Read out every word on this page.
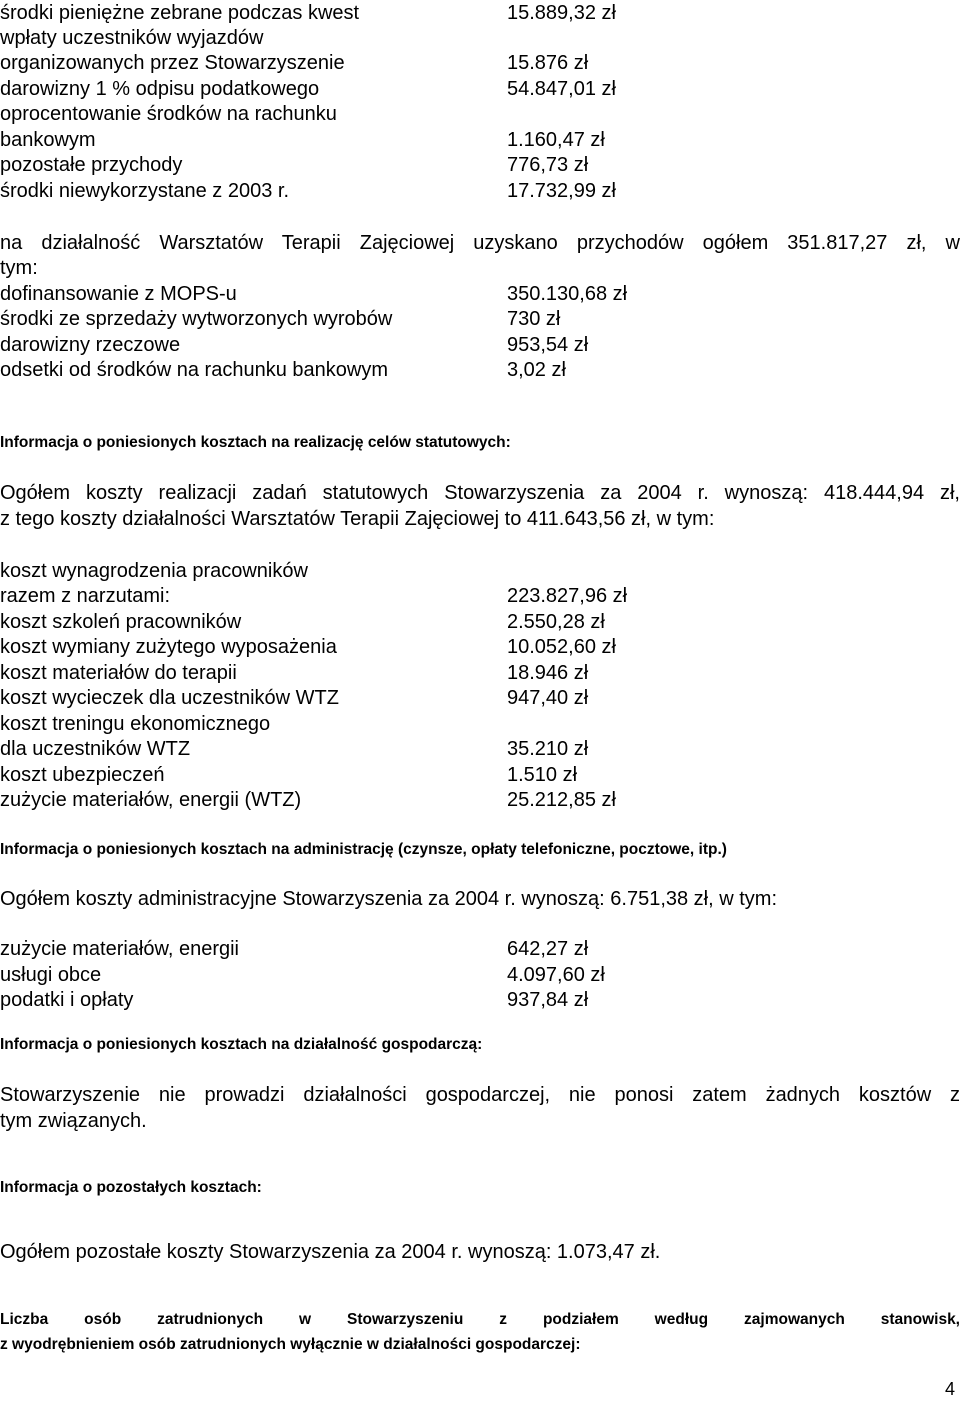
środki pieniężne zebrane podczas kwest	15.889,32 zł
wpłaty uczestników wyjazdów
organizowanych przez Stowarzyszenie	15.876 zł
darowizny 1 % odpisu podatkowego	54.847,01 zł
oprocentowanie środków na rachunku
bankowym	1.160,47 zł
pozostałe przychody	776,73 zł
środki niewykorzystane z 2003 r.	17.732,99 zł
na działalność Warsztatów Terapii Zajęciowej uzyskano przychodów ogółem 351.817,27 zł, w
tym:
dofinansowanie z MOPS-u	350.130,68 zł
środki ze sprzedaży wytworzonych wyrobów	730 zł
darowizny rzeczowe	953,54 zł
odsetki od środków na rachunku bankowym	3,02 zł
Informacja o poniesionych kosztach na realizację celów statutowych:
Ogółem koszty realizacji zadań statutowych Stowarzyszenia za 2004 r. wynoszą: 418.444,94 zł,
z tego koszty działalności Warsztatów Terapii Zajęciowej to 411.643,56 zł, w tym:
koszt wynagrodzenia pracowników
razem z narzutami:	223.827,96 zł
koszt szkoleń pracowników	2.550,28 zł
koszt wymiany zużytego wyposażenia	10.052,60 zł
koszt materiałów do terapii	18.946 zł
koszt wycieczek dla uczestników WTZ	947,40 zł
koszt treningu ekonomicznego
dla uczestników WTZ	35.210 zł
koszt ubezpieczeń	1.510 zł
zużycie materiałów, energii (WTZ)	25.212,85 zł
Informacja o poniesionych kosztach na administrację (czynsze, opłaty telefoniczne, pocztowe, itp.)
Ogółem koszty administracyjne Stowarzyszenia za 2004 r. wynoszą: 6.751,38 zł, w tym:
zużycie materiałów, energii	642,27 zł
usługi obce	4.097,60 zł
podatki i opłaty	937,84 zł
Informacja o poniesionych kosztach na działalność gospodarczą:
Stowarzyszenie nie prowadzi działalności gospodarczej, nie ponosi zatem żadnych kosztów z
tym związanych.
Informacja o pozostałych kosztach:
Ogółem pozostałe koszty Stowarzyszenia za 2004 r. wynoszą: 1.073,47 zł.
Liczba osób zatrudnionych w Stowarzyszeniu z podziałem według zajmowanych stanowisk,
z wyodrębnieniem osób zatrudnionych wyłącznie w działalności gospodarczej:
4
